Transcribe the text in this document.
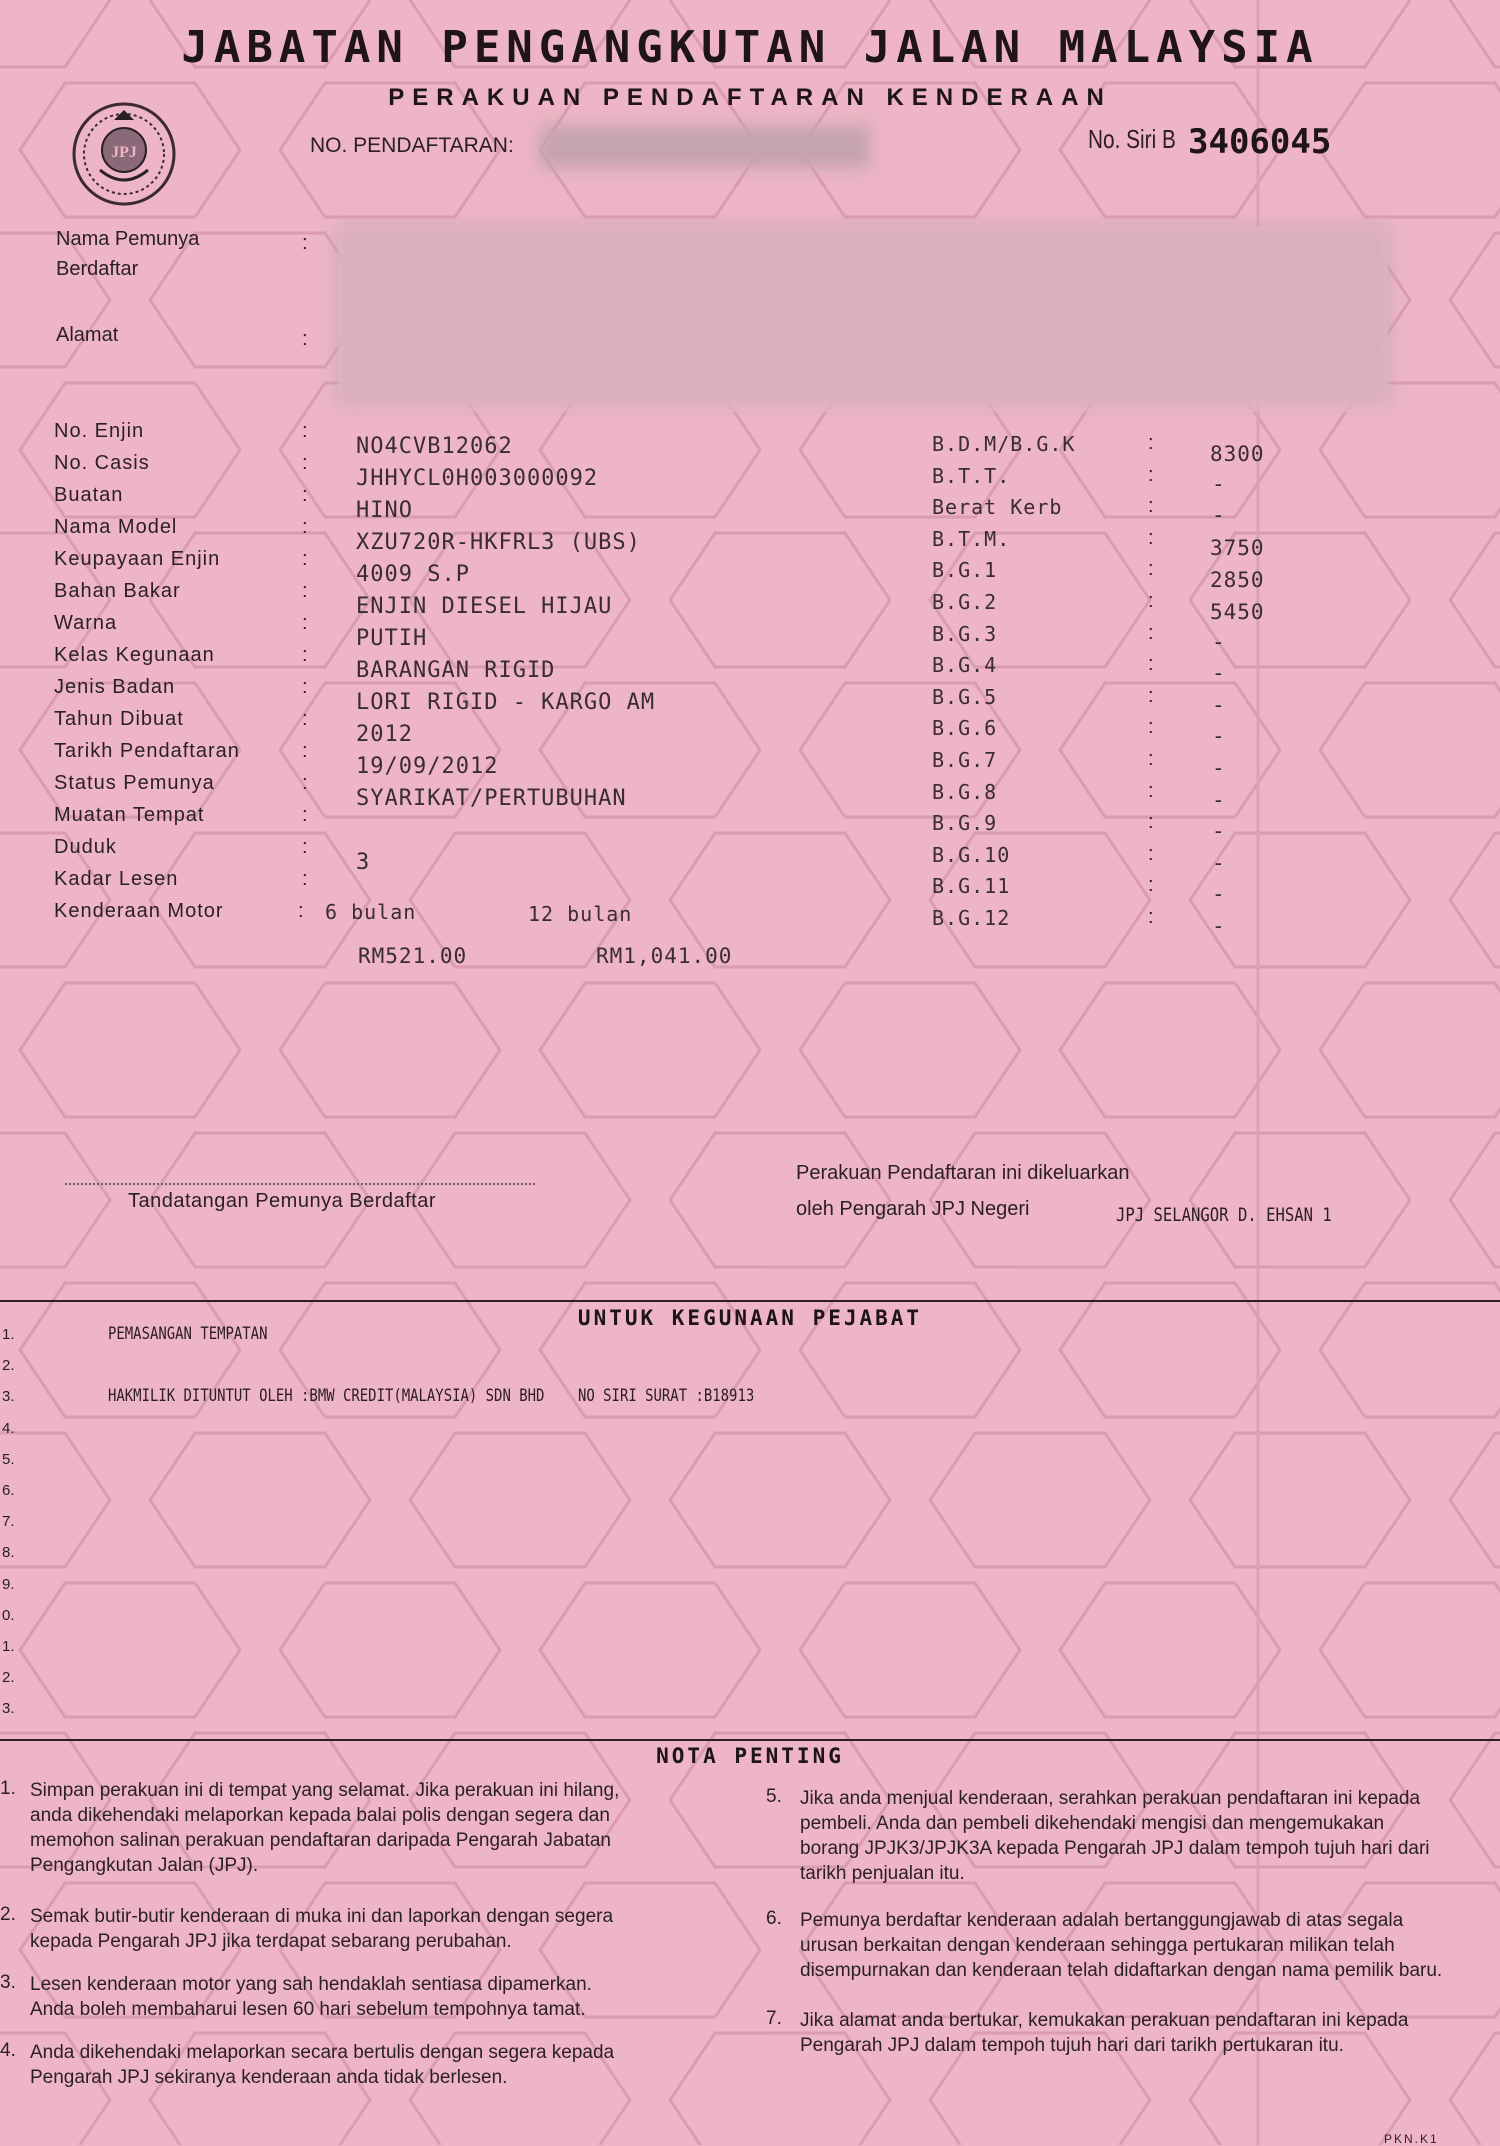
JABATAN PENGANGKUTAN JALAN MALAYSIA
PERAKUAN PENDAFTARAN KENDERAAN
JPJ	NO. PENDAFTARAN:	No. Siri B 3406045
Nama Pemunya
Berdaftar
:
Alamat	:
No. Enjin	:
NO4CVB12062
No. Casis	:
JHHYCL0H003000092
Buatan	:
HINO
Nama Model	:
XZU720R-HKFRL3 (UBS)
Keupayaan Enjin	:
4009 S.P
Bahan Bakar	:
ENJIN DIESEL HIJAU
Warna	:
PUTIH
Kelas Kegunaan	:
BARANGAN RIGID
Jenis Badan	:
LORI RIGID - KARGO AM
Tahun Dibuat	:
2012
Tarikh Pendaftaran	:
19/09/2012
Status Pemunya	:
SYARIKAT/PERTUBUHAN
Muatan Tempat	:
Duduk	:
3
Kadar Lesen	:
Kenderaan Motor	: 6 bulan	12 bulan
RM521.00	RM1,041.00
B.D.M/B.G.K	:	8300
B.T.T.	:	-
Berat Kerb	:	-
B.T.M.	:	3750
B.G.1	:	2850
B.G.2	:	5450
B.G.3	:	-
B.G.4	:	-
B.G.5	:	-
B.G.6	:	-
B.G.7	:	-
B.G.8	:	-
B.G.9	:	-
B.G.10	:	-
B.G.11	:	-
B.G.12	:	-
Tandatangan Pemunya Berdaftar
Perakuan Pendaftaran ini dikeluarkan
oleh Pengarah JPJ Negeri	JPJ SELANGOR D. EHSAN 1
UNTUK KEGUNAAN PEJABAT
1.
2.
3.
4.
5.
6.
7.
8.
9.
0.
1.
2.
3.
PEMASANGAN TEMPATAN
HAKMILIK DITUNTUT OLEH :BMW CREDIT(MALAYSIA) SDN BHD    NO SIRI SURAT :B18913
NOTA PENTING
1. Simpan perakuan ini di tempat yang selamat. Jika perakuan ini hilang,
anda dikehendaki melaporkan kepada balai polis dengan segera dan
memohon salinan perakuan pendaftaran daripada Pengarah Jabatan
Pengangkutan Jalan (JPJ).
2. Semak butir-butir kenderaan di muka ini dan laporkan dengan segera
kepada Pengarah JPJ jika terdapat sebarang perubahan.
3. Lesen kenderaan motor yang sah hendaklah sentiasa dipamerkan.
Anda boleh membaharui lesen 60 hari sebelum tempohnya tamat.
4. Anda dikehendaki melaporkan secara bertulis dengan segera kepada
Pengarah JPJ sekiranya kenderaan anda tidak berlesen.
5. Jika anda menjual kenderaan, serahkan perakuan pendaftaran ini kepada
pembeli. Anda dan pembeli dikehendaki mengisi dan mengemukakan
borang JPJK3/JPJK3A kepada Pengarah JPJ dalam tempoh tujuh hari dari
tarikh penjualan itu.
6. Pemunya berdaftar kenderaan adalah bertanggungjawab di atas segala
urusan berkaitan dengan kenderaan sehingga pertukaran milikan telah
disempurnakan dan kenderaan telah didaftarkan dengan nama pemilik baru.
7. Jika alamat anda bertukar, kemukakan perakuan pendaftaran ini kepada
Pengarah JPJ dalam tempoh tujuh hari dari tarikh pertukaran itu.
PKN.K1
